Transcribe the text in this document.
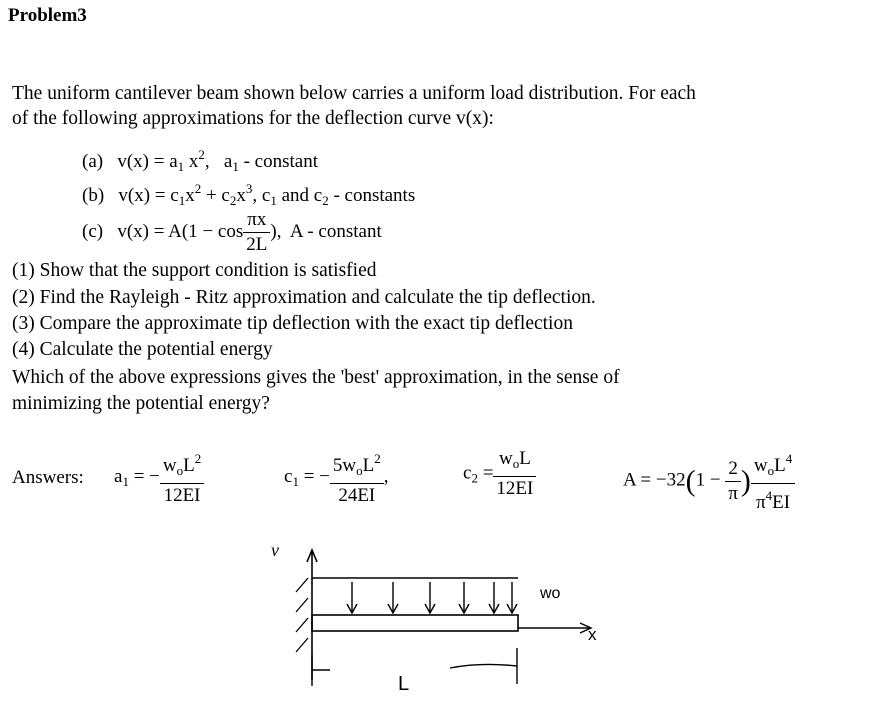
Problem3
The uniform cantilever beam shown below carries a uniform load distribution. For each
of the following approximations for the deflection curve v(x):
(a)   $v(x) = a_1$ $x^2$,   $a_1$ - constant
(b)   $v(x) = c_1x^2 + c_2x^3$, $c_1$ and $c_2$ - constants
(c)   $v(x) = A(1 - \cos \frac{\pi x}{2L}$ ),  A - constant
(1) Show that the support condition is satisfied
(2) Find the Rayleigh - Ritz approximation and calculate the tip deflection.
(3) Compare the approximate tip deflection with the exact tip deflection
(4) Calculate the potential energy
Which of the above expressions gives the 'best' approximation, in the sense of
minimizing the potential energy?
Answers: $a_1$ = − $\frac{w_oL^2}{12EI}$	$c_1$ = − $\frac{5w_oL^2}{24EI}$ ,	$c_2 = \frac{w_oL}{12EI}$	$A = -32(1 - \frac{2}{\pi}$ ) $\frac{w_oL^4}{\pi^4EI}$
v
x
wo
L
